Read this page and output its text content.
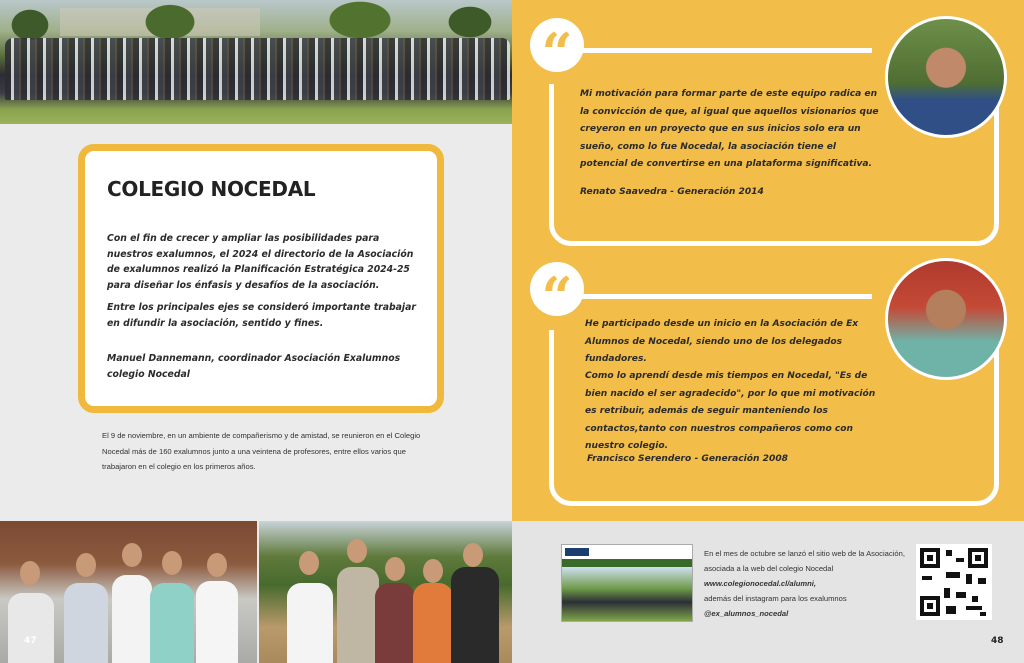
COLEGIO NOCEDAL

Con el fin de crecer y ampliar las posibilidades para nuestros exalumnos, el 2024 el directorio de la Asociación de exalumnos realizó la Planificación Estratégica 2024-25 para diseñar los énfasis y desafíos de la asociación.

Entre los principales ejes se consideró importante trabajar en difundir la asociación, sentido y fines.

Manuel Dannemann, coordinador Asociación Exalumnos colegio Nocedal

El 9 de noviembre, en un ambiente de compañerismo y de amistad, se reunieron en el Colegio Nocedal más de 160 exalumnos junto a una veintena de profesores, entre ellos varios que trabajaron en el colegio en los primeros años.

47
“

Mi motivación para formar parte de este equipo radica en la convicción de que, al igual que aquellos visionarios que creyeron en un proyecto que en sus inicios solo era un sueño, como lo fue Nocedal, la asociación tiene el potencial de convertirse en una plataforma significativa.

Renato Saavedra - Generación 2014

“	He participado desde un inicio en la Asociación de Ex Alumnos de Nocedal, siendo uno de los delegados fundadores.

Como lo aprendí desde mis tiempos en Nocedal, "Es de bien nacido el ser agradecido", por lo que mi motivación es retribuir, además de seguir manteniendo los contactos,tanto con nuestros compañeros como con nuestro colegio.

Francisco Serendero - Generación 2008

En el mes de octubre se lanzó el sitio web de la Asociación, asociada a la web del colegio Nocedal
www.colegionocedal.cl/alumni,
además del instagram para los exalumnos
@ex_alumnos_nocedal

48
